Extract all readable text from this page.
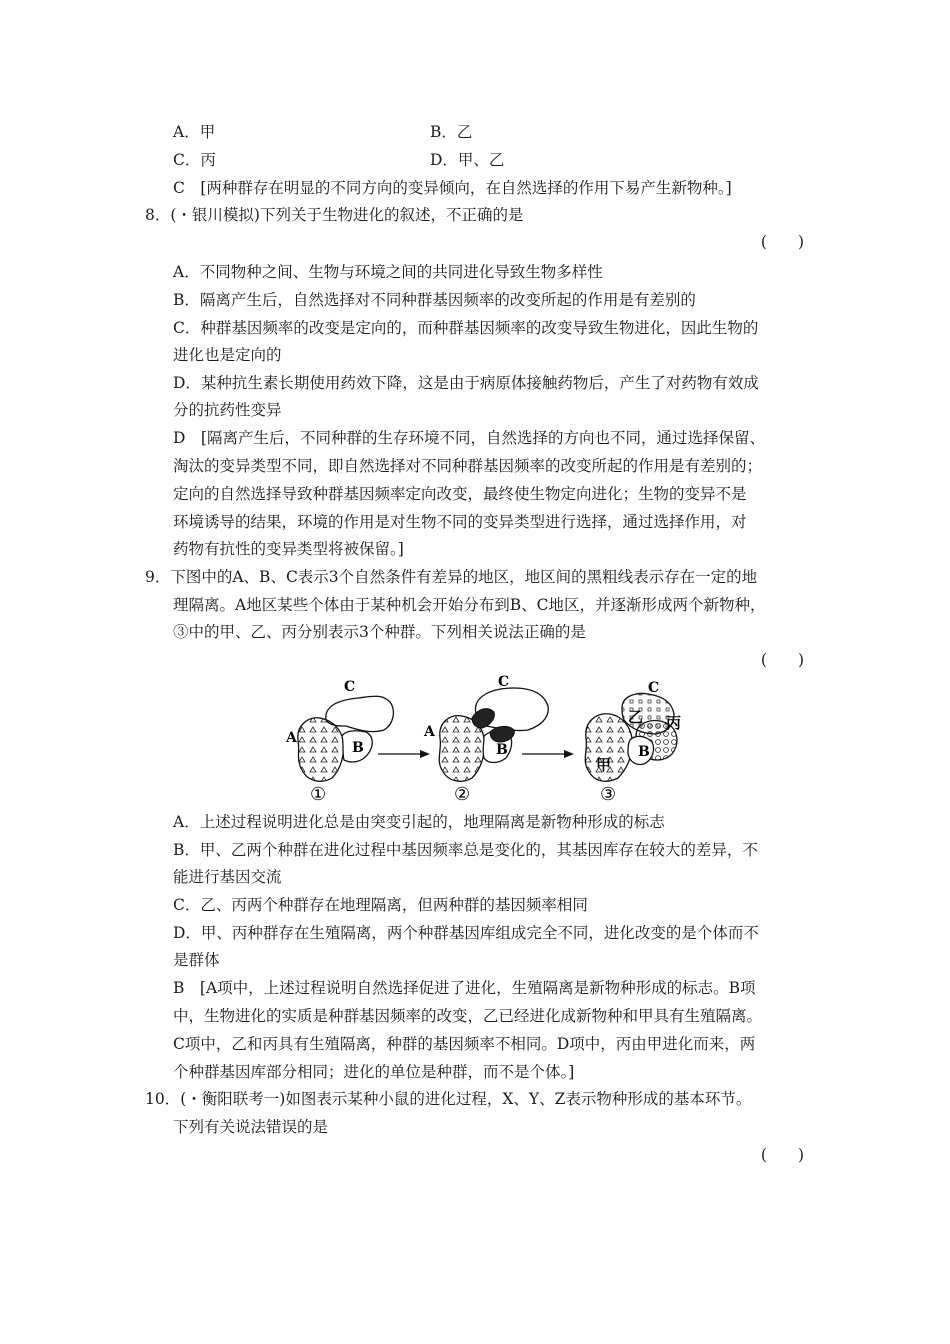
A．甲	B．乙
C．丙	D．甲、乙
C　[两种群存在明显的不同方向的变异倾向，在自然选择的作用下易产生新物种。]
8．(・银川模拟)下列关于生物进化的叙述，不正确的是
(　　)
A．不同物种之间、生物与环境之间的共同进化导致生物多样性
B．隔离产生后，自然选择对不同种群基因频率的改变所起的作用是有差别的
C．种群基因频率的改变是定向的，而种群基因频率的改变导致生物进化，因此生物的
进化也是定向的
D．某种抗生素长期使用药效下降，这是由于病原体接触药物后，产生了对药物有效成
分的抗药性变异
D　[隔离产生后，不同种群的生存环境不同，自然选择的方向也不同，通过选择保留、
淘汰的变异类型不同，即自然选择对不同种群基因频率的改变所起的作用是有差别的；
定向的自然选择导致种群基因频率定向改变，最终使生物定向进化；生物的变异不是
环境诱导的结果，环境的作用是对生物不同的变异类型进行选择，通过选择作用，对
药物有抗性的变异类型将被保留。]
9．下图中的A、B、C表示3个自然条件有差异的地区，地区间的黑粗线表示存在一定的地
理隔离。A地区某些个体由于某种机会开始分布到B、C地区，并逐渐形成两个新物种，
③中的甲、乙、丙分别表示3个种群。下列相关说法正确的是
(　　)
C
A
B
①
C
A
B
②
C
乙 丙
B
甲
③
A．上述过程说明进化总是由突变引起的，地理隔离是新物种形成的标志
B．甲、乙两个种群在进化过程中基因频率总是变化的，其基因库存在较大的差异，不
能进行基因交流
C．乙、丙两个种群存在地理隔离，但两种群的基因频率相同
D．甲、丙种群存在生殖隔离，两个种群基因库组成完全不同，进化改变的是个体而不
是群体
B　[A项中，上述过程说明自然选择促进了进化，生殖隔离是新物种形成的标志。B项
中，生物进化的实质是种群基因频率的改变，乙已经进化成新物种和甲具有生殖隔离。
C项中，乙和丙具有生殖隔离，种群的基因频率不相同。D项中，丙由甲进化而来，两
个种群基因库部分相同；进化的单位是种群，而不是个体。]
10．(・衡阳联考一)如图表示某种小鼠的进化过程，X、Y、Z表示物种形成的基本环节。
下列有关说法错误的是
(　　)
